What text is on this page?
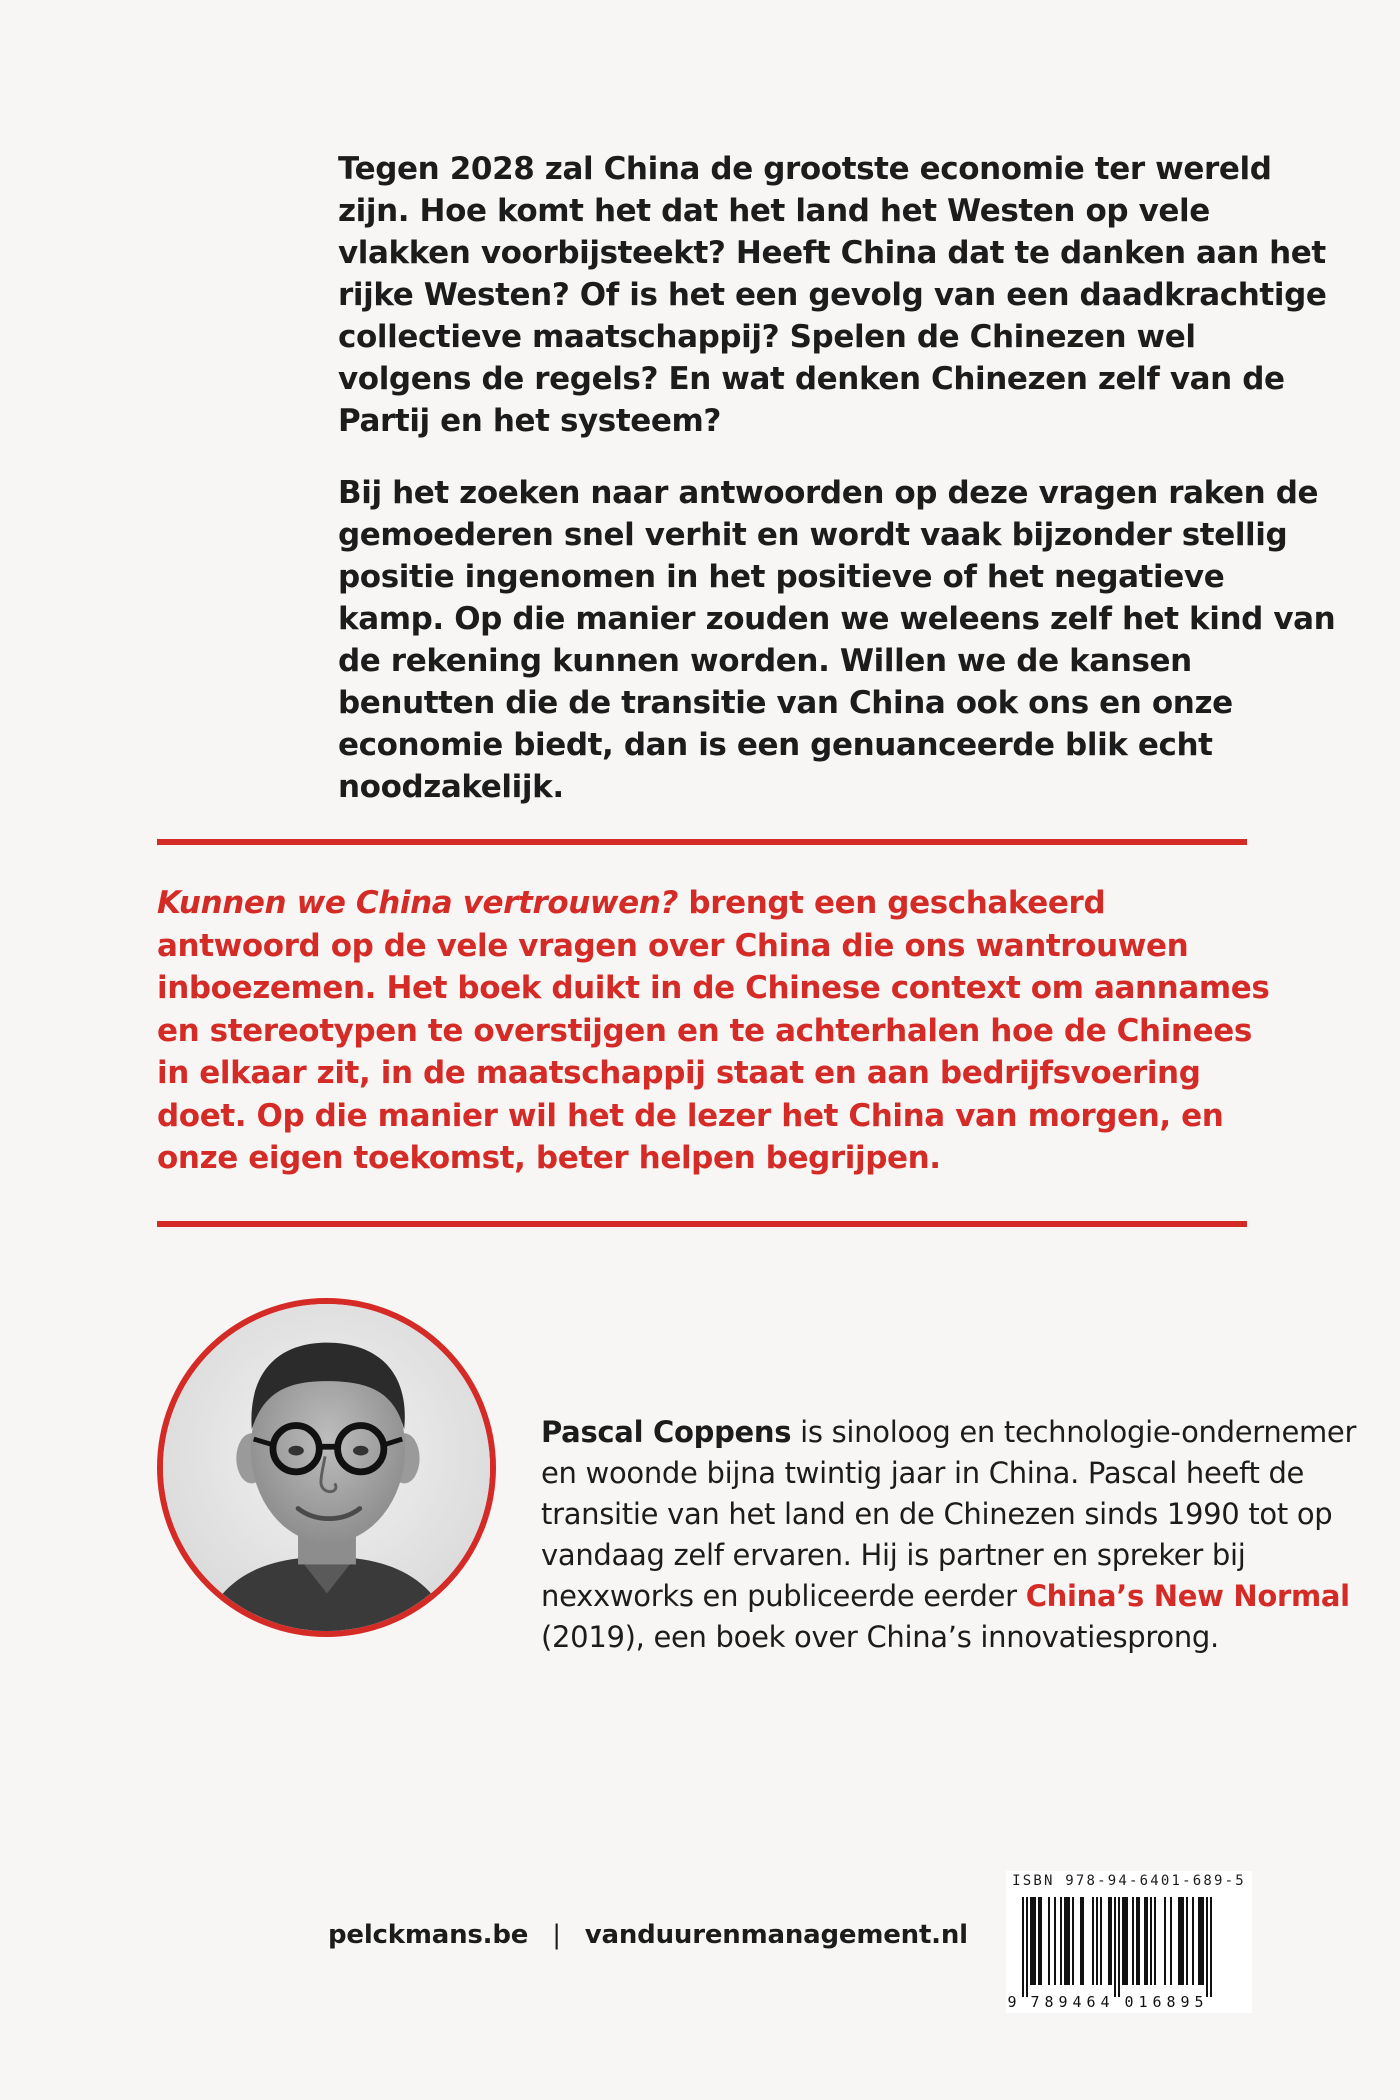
Tegen 2028 zal China de grootste economie ter wereld zijn. Hoe komt het dat het land het Westen op vele vlakken voorbijsteekt? Heeft China dat te danken aan het rijke Westen? Of is het een gevolg van een daadkrachtige collectieve maatschappij? Spelen de Chinezen wel volgens de regels? En wat denken Chinezen zelf van de Partij en het systeem?

Bij het zoeken naar antwoorden op deze vragen raken de gemoederen snel verhit en wordt vaak bijzonder stellig positie ingenomen in het positieve of het negatieve kamp. Op die manier zouden we weleens zelf het kind van de rekening kunnen worden. Willen we de kansen benutten die de transitie van China ook ons en onze economie biedt, dan is een genuanceerde blik echt noodzakelijk.

Kunnen we China vertrouwen? brengt een geschakeerd antwoord op de vele vragen over China die ons wantrouwen inboezemen. Het boek duikt in de Chinese context om aannames en stereotypen te overstijgen en te achterhalen hoe de Chinees in elkaar zit, in de maatschappij staat en aan bedrijfsvoering doet. Op die manier wil het de lezer het China van morgen, en onze eigen toekomst, beter helpen begrijpen.

Pascal Coppens is sinoloog en technologie-ondernemer en woonde bijna twintig jaar in China. Pascal heeft de transitie van het land en de Chinezen sinds 1990 tot op vandaag zelf ervaren. Hij is partner en spreker bij nexxworks en publiceerde eerder China’s New Normal (2019), een boek over China’s innovatiesprong.

pelckmans.be | vanduurenmanagement.nl
ISBN 978-94-6401-689-5
9 7 8 9 4 6 4 0 1 6 8 9 5
